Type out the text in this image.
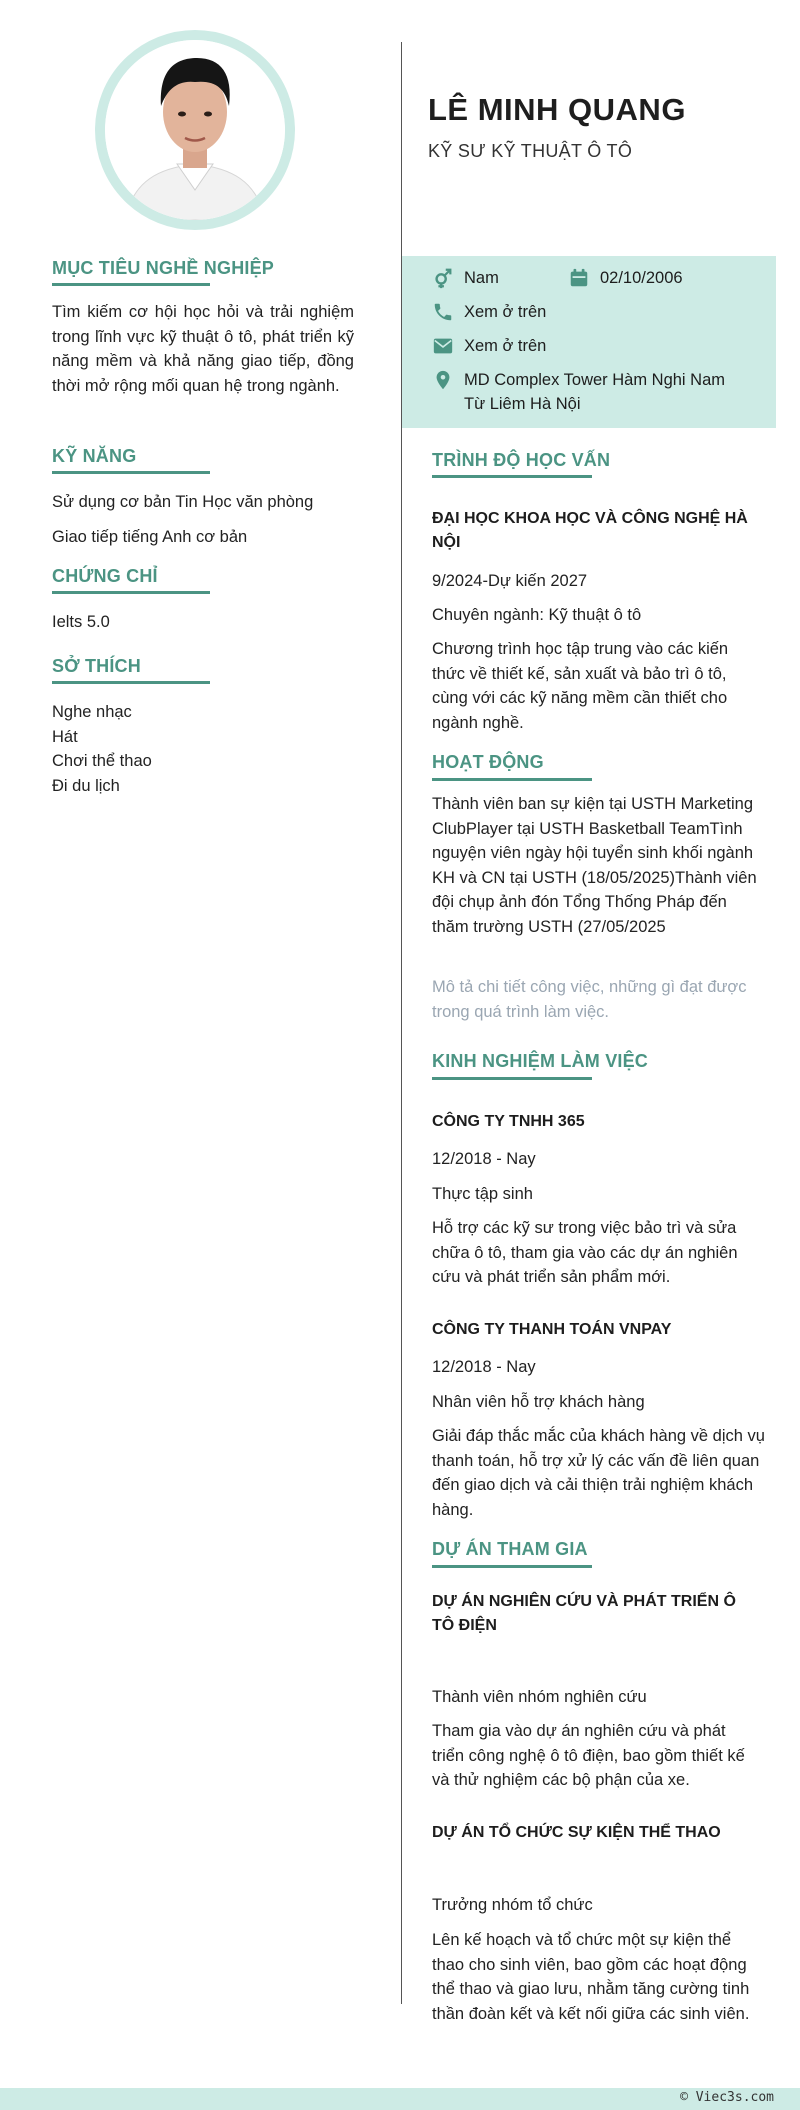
LÊ MINH QUANG
KỸ SƯ KỸ THUẬT Ô TÔ
Nam	02/10/2006
Xem ở trên
Xem ở trên
MD Complex Tower Hàm Nghi Nam Từ Liêm Hà Nội
MỤC TIÊU NGHỀ NGHIỆP
Tìm kiếm cơ hội học hỏi và trải nghiệm trong lĩnh vực kỹ thuật ô tô, phát triển kỹ năng mềm và khả năng giao tiếp, đồng thời mở rộng mối quan hệ trong ngành.
KỸ NĂNG
Sử dụng cơ bản Tin Học văn phòng
Giao tiếp tiếng Anh cơ bản
CHỨNG CHỈ
Ielts 5.0
SỞ THÍCH
Nghe nhạc
Hát
Chơi thể thao
Đi du lịch
TRÌNH ĐỘ HỌC VẤN
ĐẠI HỌC KHOA HỌC VÀ CÔNG NGHỆ HÀ NỘI
9/2024-Dự kiến 2027
Chuyên ngành: Kỹ thuật ô tô
Chương trình học tập trung vào các kiến thức về thiết kế, sản xuất và bảo trì ô tô, cùng với các kỹ năng mềm cần thiết cho ngành nghề.
HOẠT ĐỘNG
Thành viên ban sự kiện tại USTH Marketing ClubPlayer tại USTH Basketball TeamTình nguyện viên ngày hội tuyển sinh khối ngành KH và CN tại USTH (18/05/2025)Thành viên đội chụp ảnh đón Tổng Thống Pháp đến thăm trường USTH (27/05/2025
Mô tả chi tiết công việc, những gì đạt được trong quá trình làm việc.
KINH NGHIỆM LÀM VIỆC
CÔNG TY TNHH 365
12/2018 - Nay
Thực tập sinh
Hỗ trợ các kỹ sư trong việc bảo trì và sửa chữa ô tô, tham gia vào các dự án nghiên cứu và phát triển sản phẩm mới.
CÔNG TY THANH TOÁN VNPAY
12/2018 - Nay
Nhân viên hỗ trợ khách hàng
Giải đáp thắc mắc của khách hàng về dịch vụ thanh toán, hỗ trợ xử lý các vấn đề liên quan đến giao dịch và cải thiện trải nghiệm khách hàng.
DỰ ÁN THAM GIA
DỰ ÁN NGHIÊN CỨU VÀ PHÁT TRIỂN Ô TÔ ĐIỆN
Thành viên nhóm nghiên cứu
Tham gia vào dự án nghiên cứu và phát triển công nghệ ô tô điện, bao gồm thiết kế và thử nghiệm các bộ phận của xe.
DỰ ÁN TỔ CHỨC SỰ KIỆN THỂ THAO
Trưởng nhóm tổ chức
Lên kế hoạch và tổ chức một sự kiện thể thao cho sinh viên, bao gồm các hoạt động thể thao và giao lưu, nhằm tăng cường tinh thần đoàn kết và kết nối giữa các sinh viên.
© Viec3s.com
